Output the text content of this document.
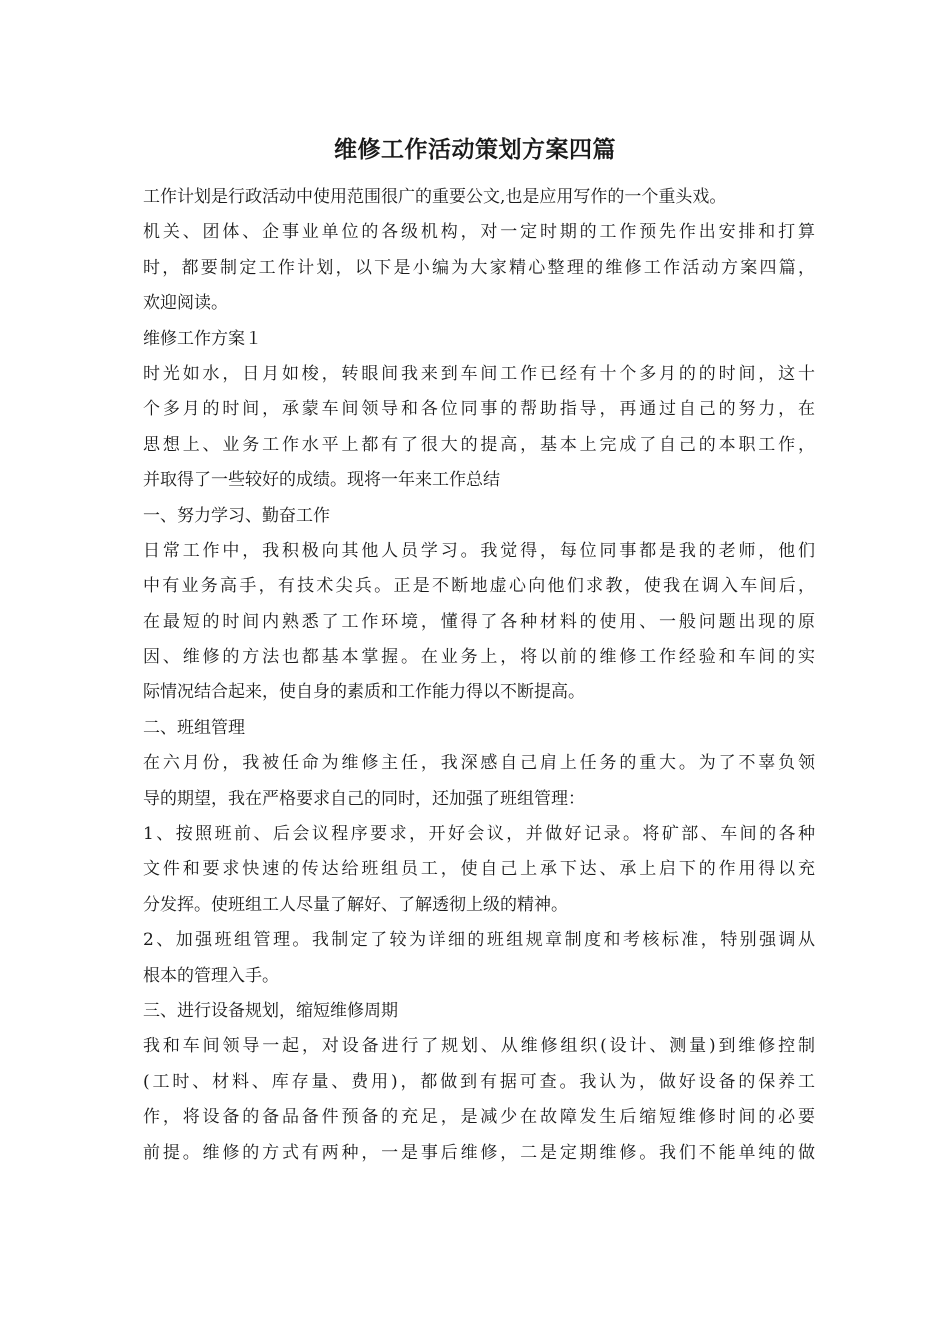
维修工作活动策划方案四篇
工作计划是行政活动中使用范围很广的重要公文,也是应用写作的一个重头戏。
机关、团体、企事业单位的各级机构，对一定时期的工作预先作出安排和打算
时，都要制定工作计划，以下是小编为大家精心整理的维修工作活动方案四篇，
欢迎阅读。
维修工作方案１
时光如水，日月如梭，转眼间我来到车间工作已经有十个多月的的时间，这十
个多月的时间，承蒙车间领导和各位同事的帮助指导，再通过自己的努力，在
思想上、业务工作水平上都有了很大的提高，基本上完成了自己的本职工作，
并取得了一些较好的成绩。现将一年来工作总结
一、努力学习、勤奋工作
日常工作中，我积极向其他人员学习。我觉得，每位同事都是我的老师，他们
中有业务高手，有技术尖兵。正是不断地虚心向他们求教，使我在调入车间后，
在最短的时间内熟悉了工作环境，懂得了各种材料的使用、一般问题出现的原
因、维修的方法也都基本掌握。在业务上，将以前的维修工作经验和车间的实
际情况结合起来，使自身的素质和工作能力得以不断提高。
二、班组管理
在六月份，我被任命为维修主任，我深感自己肩上任务的重大。为了不辜负领
导的期望，我在严格要求自己的同时，还加强了班组管理：
1、按照班前、后会议程序要求，开好会议，并做好记录。将矿部、车间的各种
文件和要求快速的传达给班组员工，使自己上承下达、承上启下的作用得以充
分发挥。使班组工人尽量了解好、了解透彻上级的精神。
2、加强班组管理。我制定了较为详细的班组规章制度和考核标准，特别强调从
根本的管理入手。
三、进行设备规划，缩短维修周期
我和车间领导一起，对设备进行了规划、从维修组织(设计、测量)到维修控制
(工时、材料、库存量、费用)，都做到有据可查。我认为，做好设备的保养工
作，将设备的备品备件预备的充足，是减少在故障发生后缩短维修时间的必要
前提。维修的方式有两种，一是事后维修，二是定期维修。我们不能单纯的做
